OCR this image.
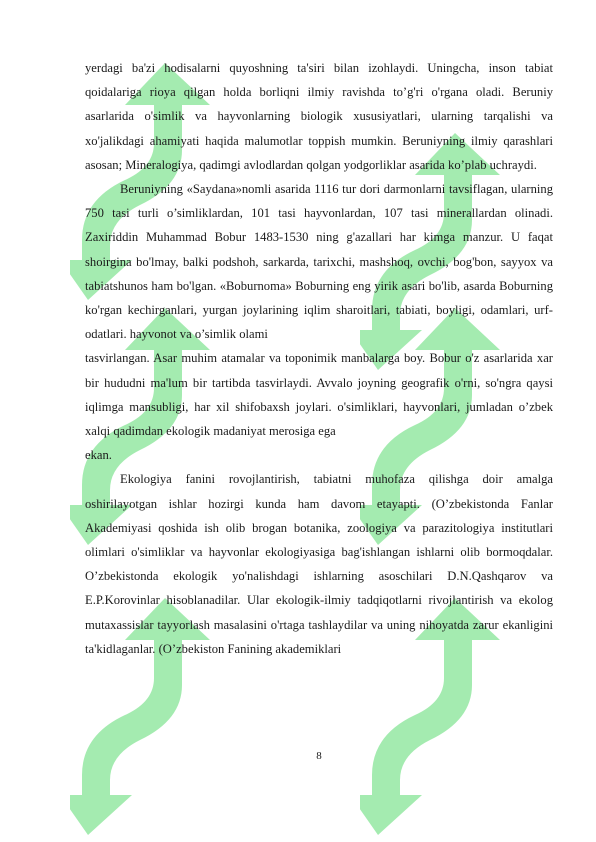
yerdagi ba'zi hodisalarni quyoshning ta'siri bilan izohlaydi. Uningcha, inson tabiat qoidalariga rioya qilgan holda borliqni ilmiy ravishda to’g'ri o'rgana oladi. Beruniy asarlarida o'simlik va hayvonlarning biologik xususiyatlari, ularning tarqalishi va xo'jalikdagi ahamiyati haqida malumotlar toppish mumkin. Beruniyning ilmiy qarashlari asosan; Mineralogiya, qadimgi avlodlardan qolgan yodgorliklar asarida ko’plab uchraydi.

Beruniyning «Saydana»nomli asarida 1116 tur dori darmonlarni tavsiflagan, ularning 750 tasi turli o’simliklardan, 101 tasi hayvonlardan, 107 tasi minerallardan olinadi. Zaxiriddin Muhammad Bobur 1483-1530 ning g'azallari har kimga manzur. U faqat shoirgina bo'lmay, balki podshoh, sarkarda, tarixchi, mashshoq, ovchi, bog'bon, sayyox va tabiatshunos ham bo'lgan. «Boburnoma» Boburning eng yirik asari bo'lib, asarda Boburning ko'rgan kechirganlari, yurgan joylarining iqlim sharoitlari, tabiati, boyligi, odamlari, urf-odatlari. hayvonot va o’simlik olami

tasvirlangan. Asar muhim atamalar va toponimik manbalarga boy. Bobur o'z asarlarida xar bir hududni ma'lum bir tartibda tasvirlaydi. Avvalo joyning geografik o'rni, so'ngra qaysi iqlimga mansubligi, har xil shifobaxsh joylari. o'simliklari, hayvonlari, jumladan o’zbek xalqi qadimdan ekologik madaniyat merosiga ega

ekan.

Ekologiya fanini rovojlantirish, tabiatni muhofaza qilishga doir amalga oshirilayotgan ishlar hozirgi kunda ham davom etayapti. (O’zbekistonda Fanlar Akademiyasi qoshida ish olib brogan botanika, zoologiya va parazitologiya institutlari olimlari o'simliklar va hayvonlar ekologiyasiga bag'ishlangan ishlarni olib bormoqdalar. O’zbekistonda ekologik yo'nalishdagi ishlarning asoschilari D.N.Qashqarov va E.P.Korovinlar hisoblanadilar. Ular ekologik-ilmiy tadqiqotlarni rivojlantirish va ekolog mutaxassislar tayyorlash masalasini o'rtaga tashlaydilar va uning nihoyatda zarur ekanligini ta'kidlaganlar. (O’zbekiston Fanining akademiklari

8
